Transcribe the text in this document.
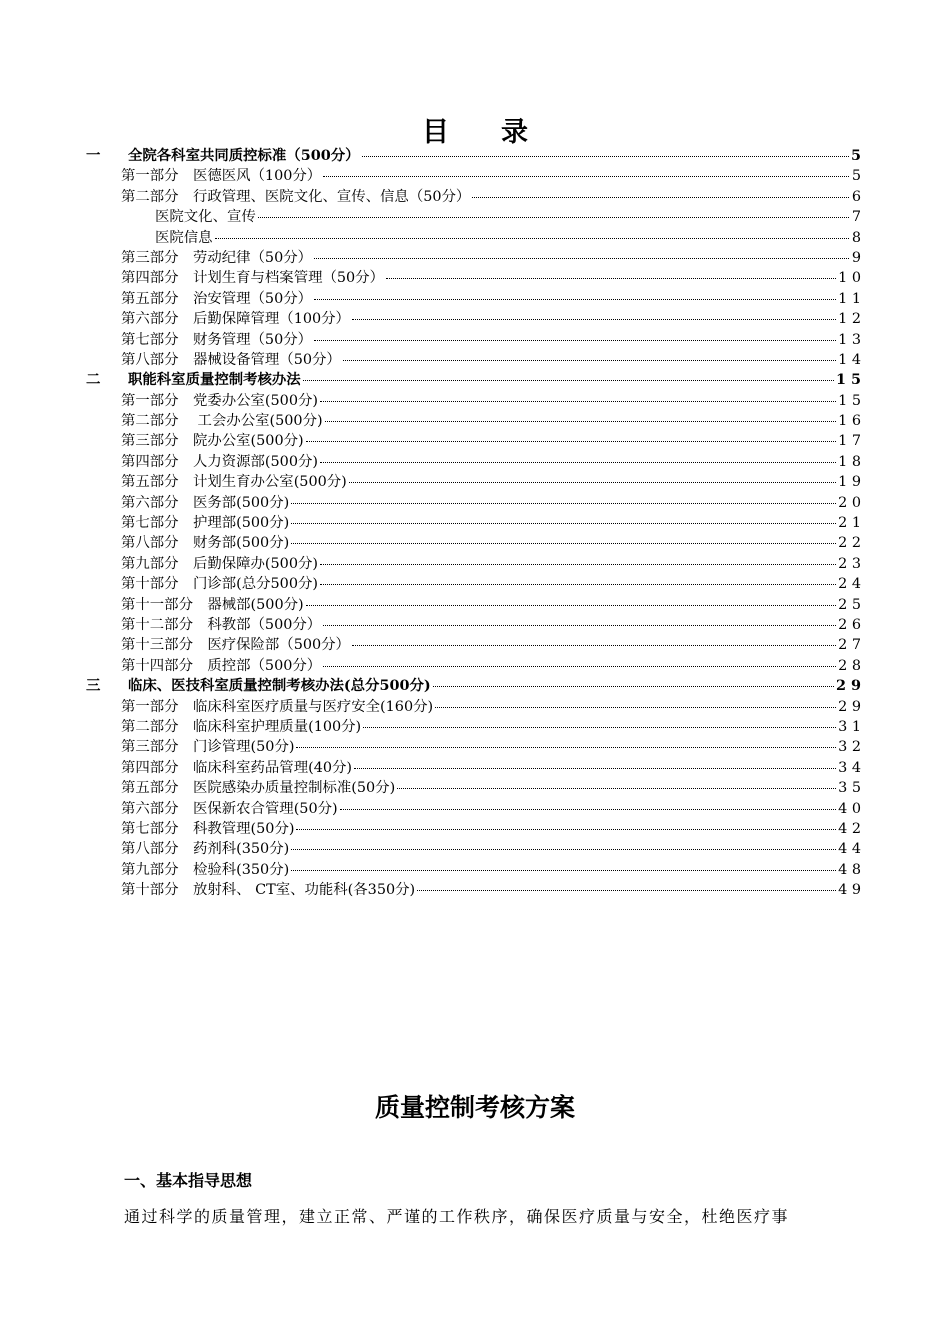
目录
一	全院各科室共同质控标准（500分）	5
第一部分　医德医风（100分）	5
第二部分　行政管理、医院文化、宣传、信息（50分）	6
医院文化、宣传	7
医院信息	8
第三部分　劳动纪律（50分）	9
第四部分　计划生育与档案管理（50分）	1 0
第五部分　治安管理（50分）	1 1
第六部分　后勤保障管理（100分）	1 2
第七部分　财务管理（50分）	1 3
第八部分　器械设备管理（50分）	1 4
二	职能科室质量控制考核办法	1 5
第一部分　党委办公室(500分)	1 5
第二部分　 工会办公室(500分)	1 6
第三部分　院办公室(500分)	1 7
第四部分　人力资源部(500分)	1 8
第五部分　计划生育办公室(500分)	1 9
第六部分　医务部(500分)	2 0
第七部分　护理部(500分)	2 1
第八部分　财务部(500分)	2 2
第九部分　后勤保障办(500分)	2 3
第十部分　门诊部(总分500分)	2 4
第十一部分　器械部(500分)	2 5
第十二部分　科教部（500分）	2 6
第十三部分　医疗保险部（500分）	2 7
第十四部分　质控部（500分）	2 8
三	临床、医技科室质量控制考核办法(总分500分)	2 9
第一部分　临床科室医疗质量与医疗安全(160分)	2 9
第二部分　临床科室护理质量(100分)	3 1
第三部分　门诊管理(50分)	3 2
第四部分　临床科室药品管理(40分)	3 4
第五部分　医院感染办质量控制标准(50分)	3 5
第六部分　医保新农合管理(50分)	4 0
第七部分　科教管理(50分)	4 2
第八部分　药剂科(350分)	4 4
第九部分　检验科(350分)	4 8
第十部分　放射科、 CT室、功能科(各350分)	4 9
质量控制考核方案
一、基本指导思想
通过科学的质量管理，建立正常、严谨的工作秩序，确保医疗质量与安全，杜绝医疗事
